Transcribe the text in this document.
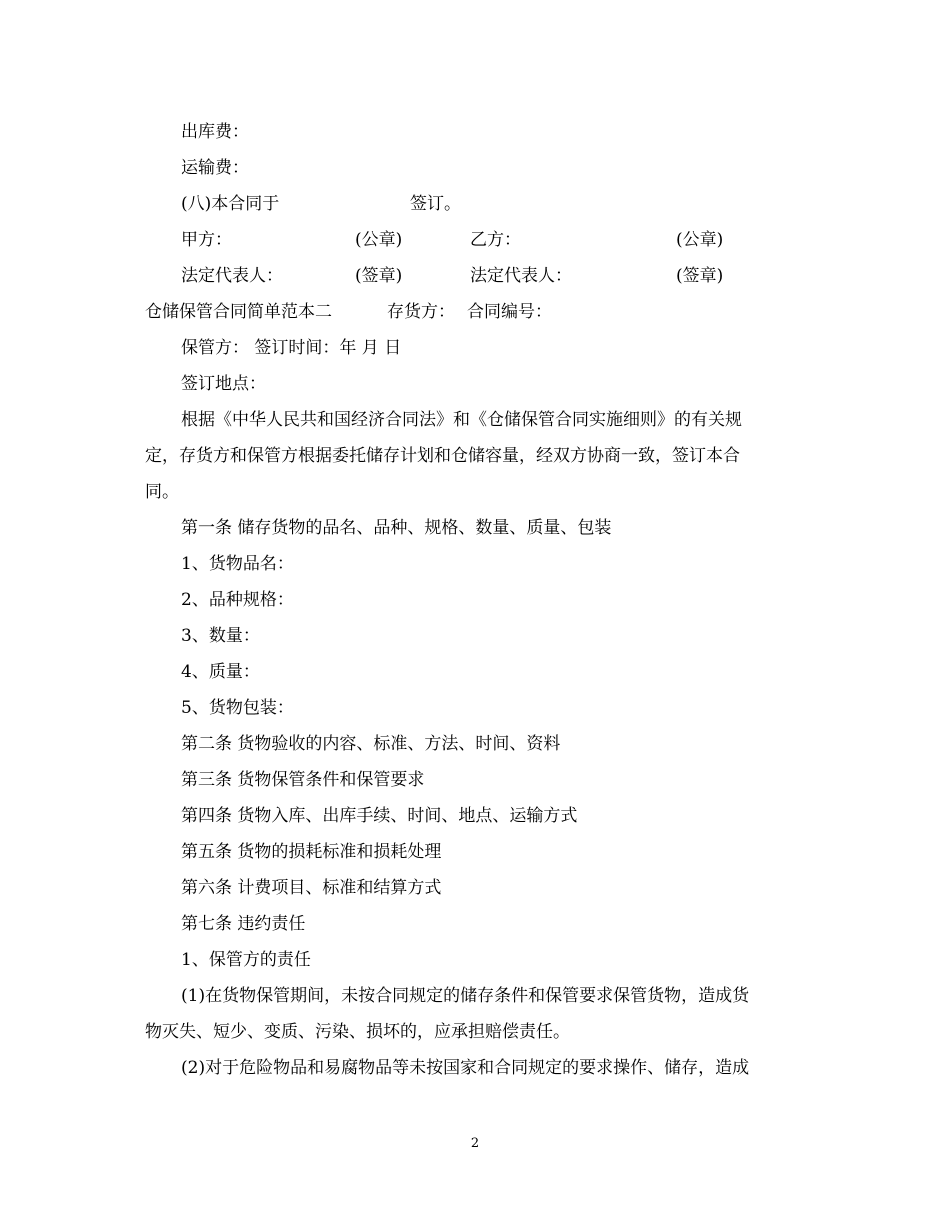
出库费：
运输费：
(八)本合同于	签订。
甲方：	(公章)	乙方：	(公章)
法定代表人：	(签章)	法定代表人：	(签章)
仓储保管合同简单范本二	存货方： 合同编号：
保管方： 签订时间：年 月 日
签订地点：
根据《中华人民共和国经济合同法》和《仓储保管合同实施细则》的有关规
定，存货方和保管方根据委托储存计划和仓储容量，经双方协商一致，签订本合
同。
第一条 储存货物的品名、品种、规格、数量、质量、包装
1、货物品名：
2、品种规格：
3、数量：
4、质量：
5、货物包装：
第二条 货物验收的内容、标准、方法、时间、资料
第三条 货物保管条件和保管要求
第四条 货物入库、出库手续、时间、地点、运输方式
第五条 货物的损耗标准和损耗处理
第六条 计费项目、标准和结算方式
第七条 违约责任
1、保管方的责任
(1)在货物保管期间，未按合同规定的储存条件和保管要求保管货物，造成货
物灭失、短少、变质、污染、损坏的，应承担赔偿责任。
(2)对于危险物品和易腐物品等未按国家和合同规定的要求操作、储存，造成
2
